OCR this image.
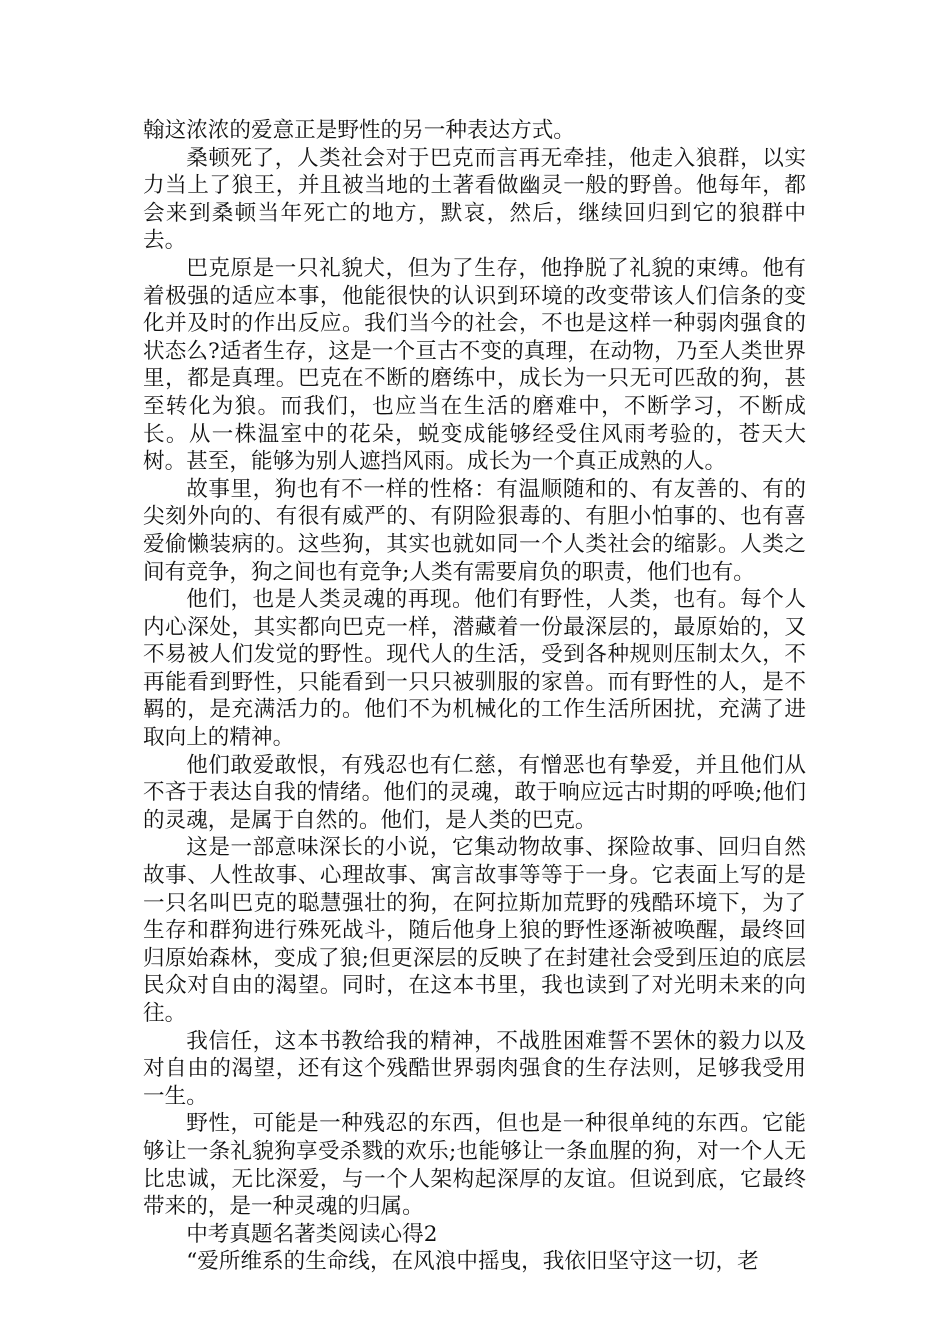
翰这浓浓的爱意正是野性的另一种表达方式。

桑顿死了，人类社会对于巴克而言再无牵挂，他走入狼群，以实力当上了狼王，并且被当地的土著看做幽灵一般的野兽。他每年，都会来到桑顿当年死亡的地方，默哀，然后，继续回归到它的狼群中去。

巴克原是一只礼貌犬，但为了生存，他挣脱了礼貌的束缚。他有着极强的适应本事，他能很快的认识到环境的改变带该人们信条的变化并及时的作出反应。我们当今的社会，不也是这样一种弱肉强食的状态么?适者生存，这是一个亘古不变的真理，在动物，乃至人类世界里，都是真理。巴克在不断的磨练中，成长为一只无可匹敌的狗，甚至转化为狼。而我们，也应当在生活的磨难中，不断学习，不断成长。从一株温室中的花朵，蜕变成能够经受住风雨考验的，苍天大树。甚至，能够为别人遮挡风雨。成长为一个真正成熟的人。

故事里，狗也有不一样的性格：有温顺随和的、有友善的、有的尖刻外向的、有很有威严的、有阴险狠毒的、有胆小怕事的、也有喜爱偷懒装病的。这些狗，其实也就如同一个人类社会的缩影。人类之间有竞争，狗之间也有竞争;人类有需要肩负的职责，他们也有。

他们，也是人类灵魂的再现。他们有野性，人类，也有。每个人内心深处，其实都向巴克一样，潜藏着一份最深层的，最原始的，又不易被人们发觉的野性。现代人的生活，受到各种规则压制太久，不再能看到野性，只能看到一只只被驯服的家兽。而有野性的人，是不羁的，是充满活力的。他们不为机械化的工作生活所困扰，充满了进取向上的精神。

他们敢爱敢恨，有残忍也有仁慈，有憎恶也有挚爱，并且他们从不吝于表达自我的情绪。他们的灵魂，敢于响应远古时期的呼唤;他们的灵魂，是属于自然的。他们，是人类的巴克。

这是一部意味深长的小说，它集动物故事、探险故事、回归自然故事、人性故事、心理故事、寓言故事等等于一身。它表面上写的是一只名叫巴克的聪慧强壮的狗，在阿拉斯加荒野的残酷环境下，为了生存和群狗进行殊死战斗，随后他身上狼的野性逐渐被唤醒，最终回归原始森林，变成了狼;但更深层的反映了在封建社会受到压迫的底层民众对自由的渴望。同时，在这本书里，我也读到了对光明未来的向往。

我信任，这本书教给我的精神，不战胜困难誓不罢休的毅力以及对自由的渴望，还有这个残酷世界弱肉强食的生存法则，足够我受用一生。

野性，可能是一种残忍的东西，但也是一种很单纯的东西。它能够让一条礼貌狗享受杀戮的欢乐;也能够让一条血腥的狗，对一个人无比忠诚，无比深爱，与一个人架构起深厚的友谊。但说到底，它最终带来的，是一种灵魂的归属。

中考真题名著类阅读心得2

“爱所维系的生命线，在风浪中摇曳，我依旧坚守这一切，老
